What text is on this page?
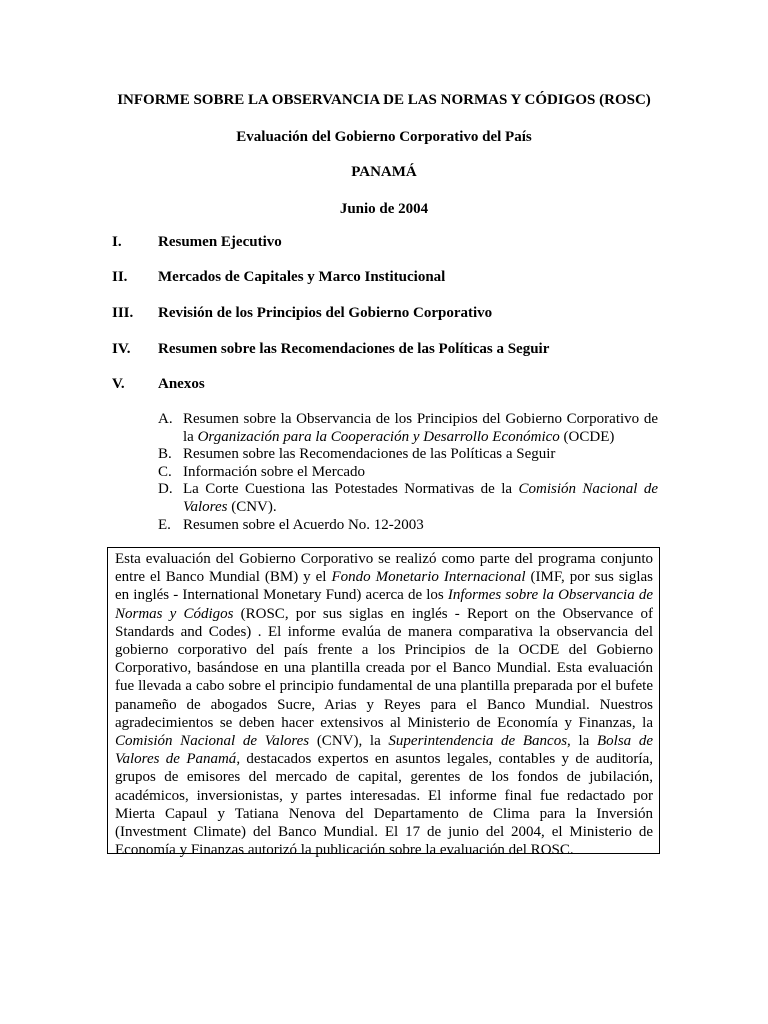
INFORME SOBRE LA OBSERVANCIA DE LAS NORMAS Y CÓDIGOS (ROSC)
Evaluación del Gobierno Corporativo del País
PANAMÁ
Junio de 2004
I. Resumen Ejecutivo
II. Mercados de Capitales y Marco Institucional
III. Revisión de los Principios del Gobierno Corporativo
IV. Resumen sobre las Recomendaciones de las Políticas a Seguir
V. Anexos
A. Resumen sobre la Observancia de los Principios del Gobierno Corporativo de la Organización para la Cooperación y Desarrollo Económico (OCDE)
B. Resumen sobre las Recomendaciones de las Políticas a Seguir
C. Información sobre el Mercado
D. La Corte Cuestiona las Potestades Normativas de la Comisión Nacional de Valores (CNV).
E. Resumen sobre el Acuerdo No. 12-2003

Esta evaluación del Gobierno Corporativo se realizó como parte del programa conjunto entre el Banco Mundial (BM) y el Fondo Monetario Internacional (IMF, por sus siglas en inglés - International Monetary Fund) acerca de los Informes sobre la Observancia de Normas y Códigos (ROSC, por sus siglas en inglés - Report on the Observance of Standards and Codes) . El informe evalúa de manera comparativa la observancia del gobierno corporativo del país frente a los Principios de la OCDE del Gobierno Corporativo, basándose en una plantilla creada por el Banco Mundial. Esta evaluación fue llevada a cabo sobre el principio fundamental de una plantilla preparada por el bufete panameño de abogados Sucre, Arias y Reyes para el Banco Mundial. Nuestros agradecimientos se deben hacer extensivos al Ministerio de Economía y Finanzas, la Comisión Nacional de Valores (CNV), la Superintendencia de Bancos, la Bolsa de Valores de Panamá, destacados expertos en asuntos legales, contables y de auditoría, grupos de emisores del mercado de capital, gerentes de los fondos de jubilación, académicos, inversionistas, y partes interesadas. El informe final fue redactado por Mierta Capaul y Tatiana Nenova del Departamento de Clima para la Inversión (Investment Climate) del Banco Mundial. El 17 de junio del 2004, el Ministerio de Economía y Finanzas autorizó la publicación sobre la evaluación del ROSC.
